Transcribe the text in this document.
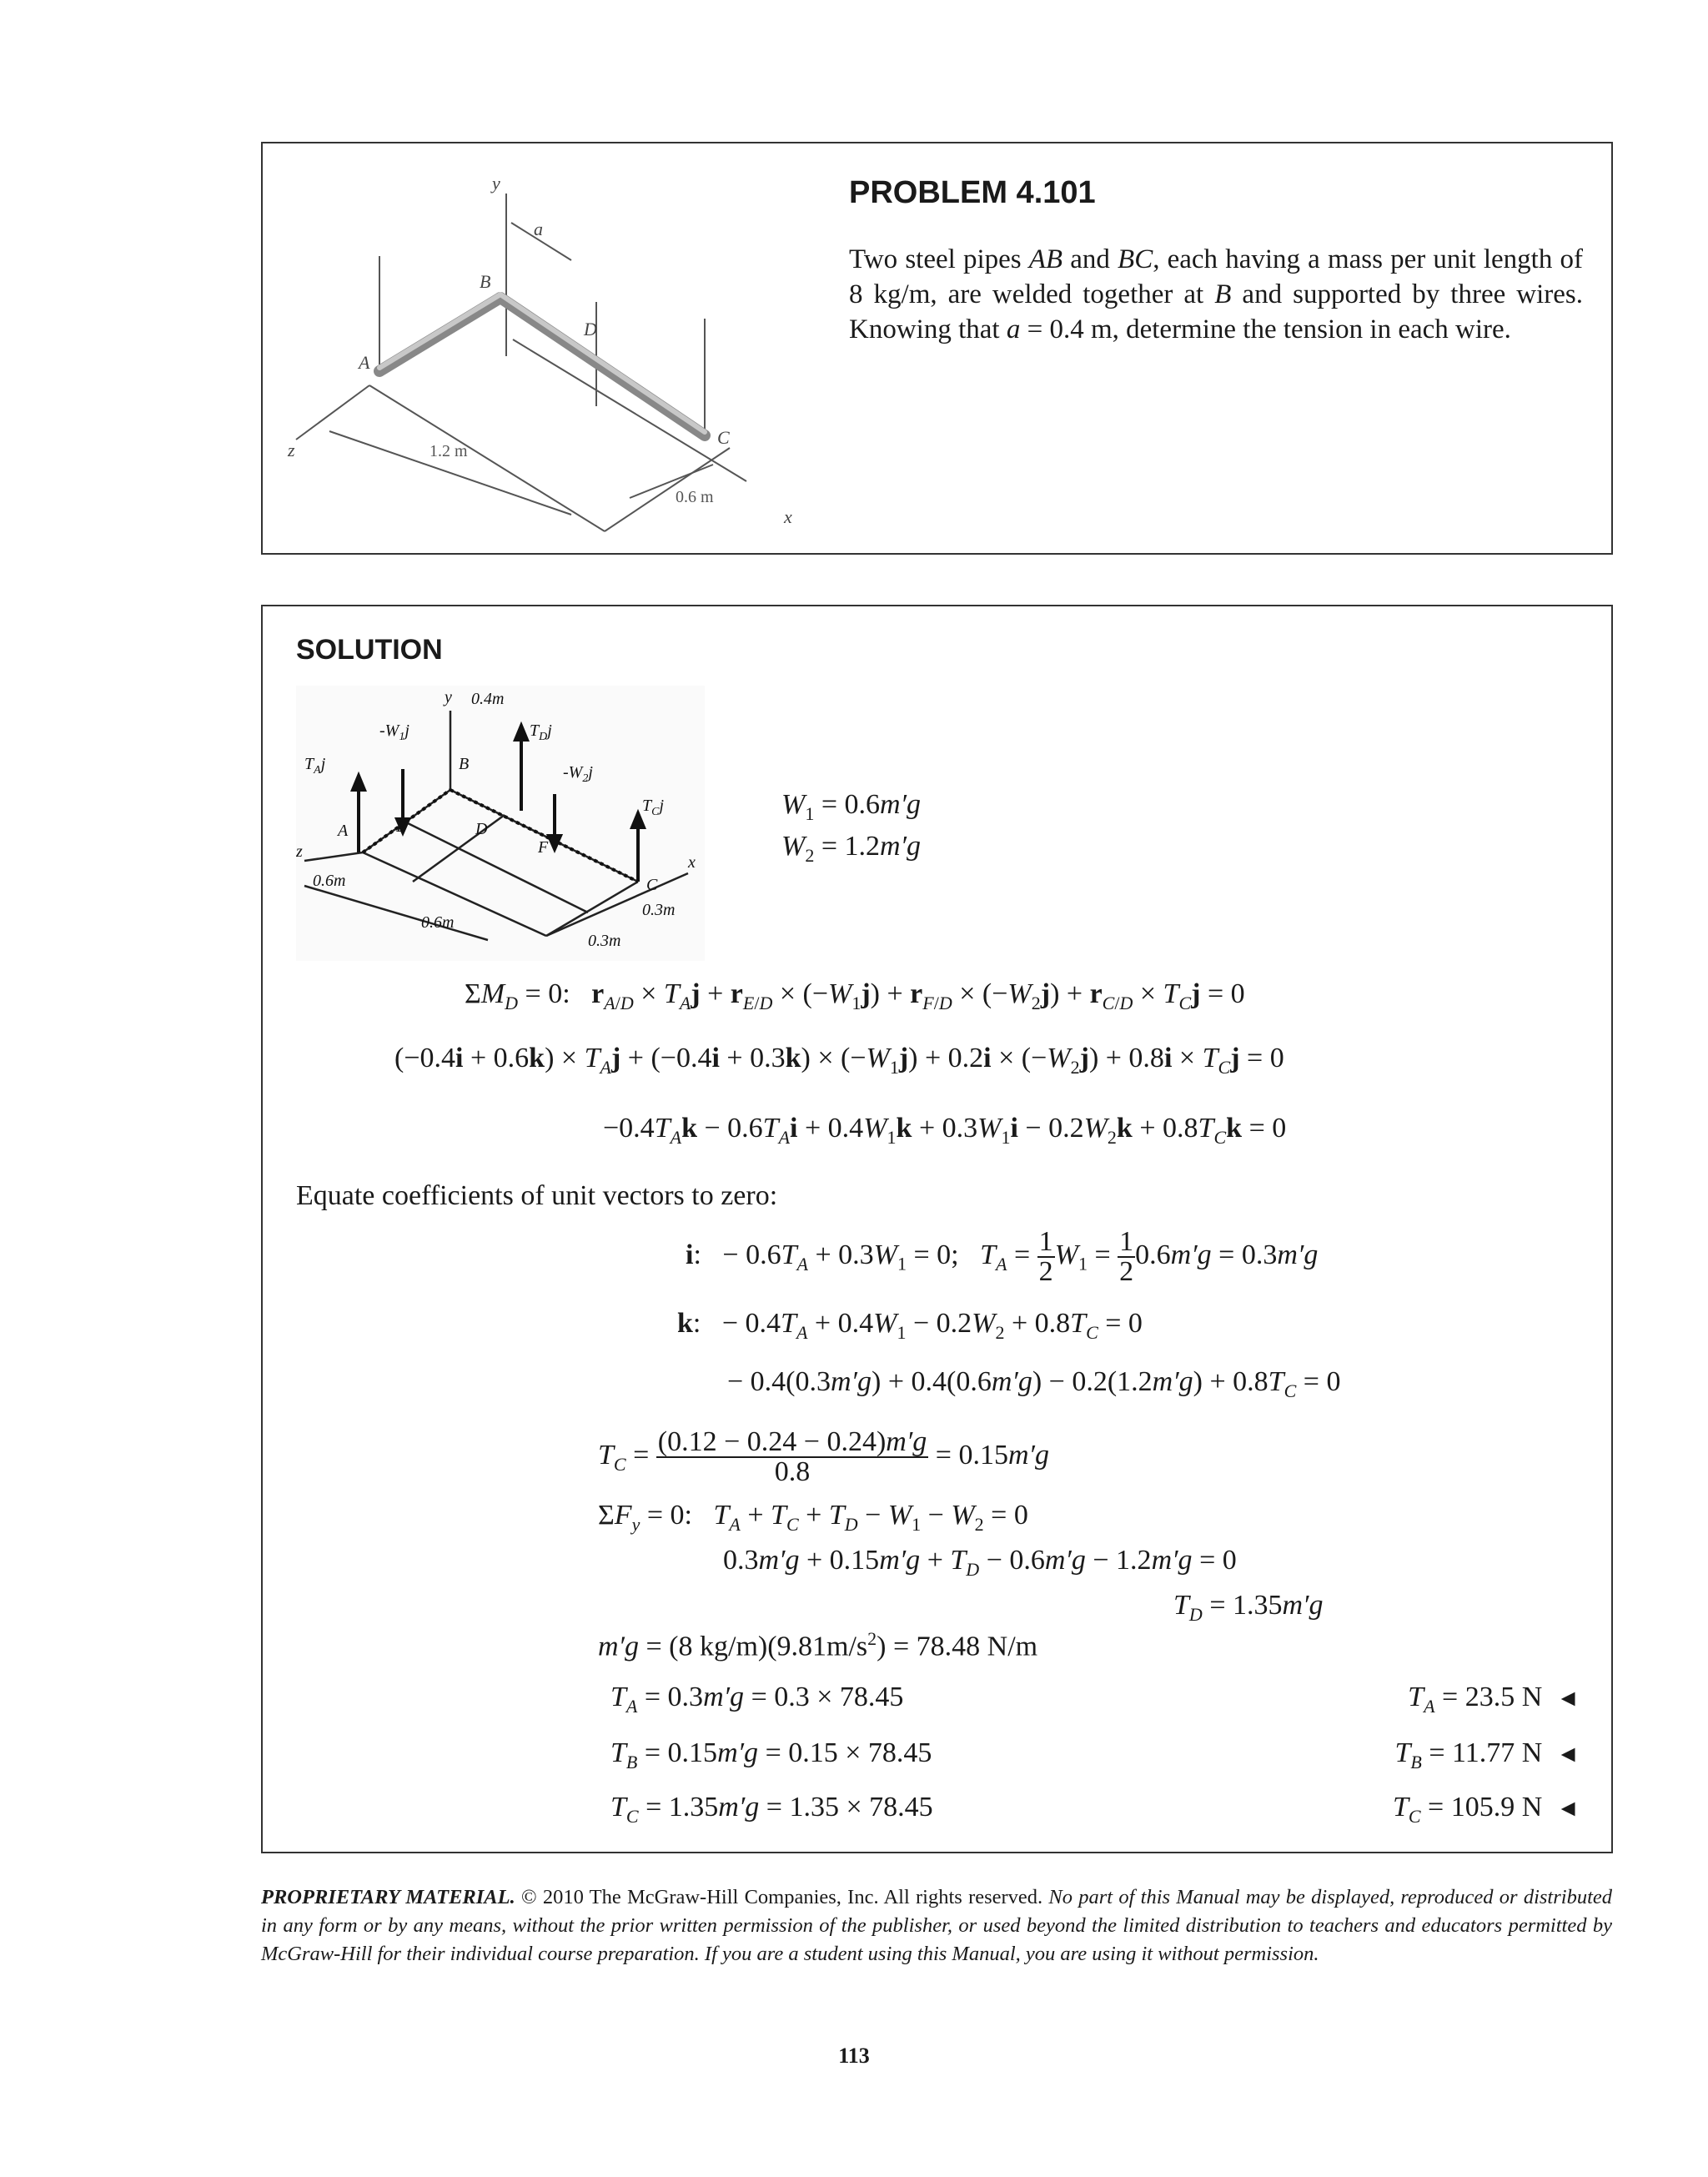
y
a
B
D
A
C
z
x
1.2 m
0.6 m
PROBLEM 4.101
Two steel pipes AB and BC, each having a mass per unit length of 8 kg/m, are welded together at B and supported by three wires. Knowing that a = 0.4 m, determine the tension in each wire.
SOLUTION
y 0.4m
$T_Dj$
$T_Aj$
$-W_1j$
$-W_2j$
$T_Cj$
B
A	E	D
F
C
z
x
0.6m
0.6m
0.3m
0.3m
$W_1 = 0.6m'g$
$W_2 = 1.2m'g$
$\Sigma M_D = 0$:   $r_{A/D} \times T_Aj + r_{E/D} \times (-W_1j) + r_{F/D} \times (-W_2j) + r_{C/D} \times T_Cj = 0$
$(-0.4i + 0.6k) \times T_Aj + (-0.4i + 0.3k) \times (-W_1j) + 0.2i \times (-W_2j) + 0.8i \times T_Cj = 0$
$-0.4T_Ak - 0.6T_Ai + 0.4W_1k + 0.3W_1i - 0.2W_2k + 0.8T_Ck = 0$
Equate coefficients of unit vectors to zero:
i:   − $0.6T_A + 0.3W_1 = 0$;   $T_A = \frac{1}{2} W_1 = \frac{1}{2} 0.6m'g = 0.3m'g$
k:   − $0.4T_A + 0.4W_1 - 0.2W_2 + 0.8T_C = 0$
− $0.4(0.3m'g) + 0.4(0.6m'g) - 0.2(1.2m'g) + 0.8T_C = 0$
$T_C = \frac{(0.12 - 0.24 - 0.24)m'g}{0.8} = 0.15m'g$
$\Sigma F_y = 0$:   $T_A + T_C + T_D - W_1 - W_2 = 0$
$0.3m'g + 0.15m'g + T_D - 0.6m'g - 1.2m'g = 0$
$T_D = 1.35m'g$
m′g = (8 $kg/m)(9.81m/s^2) = 78.48$ N/m
$T_A = 0.3m'g = 0.3 \times 78.45$
$T_B = 0.15m'g = 0.15 \times 78.45$
$T_C = 1.35m'g = 1.35 \times 78.45$
$T_A = 23.5$ N ◄
$T_B = 11.77$ N ◄
$T_C = 105.9$ N ◄
PROPRIETARY MATERIAL. © 2010 The McGraw-Hill Companies, Inc. All rights reserved. No part of this Manual may be displayed, reproduced or distributed in any form or by any means, without the prior written permission of the publisher, or used beyond the limited distribution to teachers and educators permitted by McGraw-Hill for their individual course preparation. If you are a student using this Manual, you are using it without permission.
113
